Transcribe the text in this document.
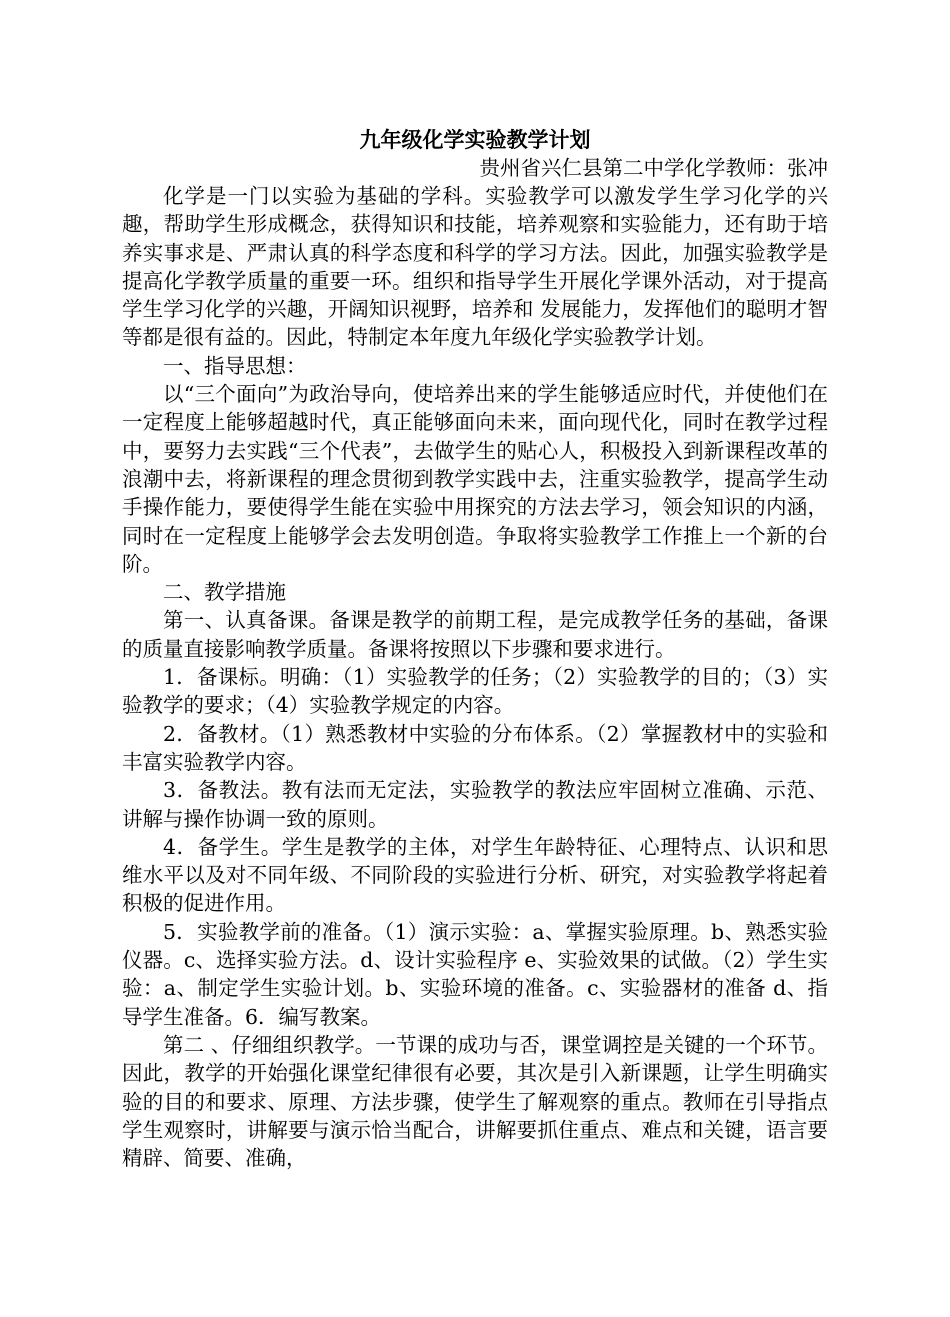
九年级化学实验教学计划

贵州省兴仁县第二中学化学教师：张冲

化学是一门以实验为基础的学科。实验教学可以激发学生学习化学的兴趣，帮助学生形成概念，获得知识和技能，培养观察和实验能力，还有助于培养实事求是、严肃认真的科学态度和科学的学习方法。因此，加强实验教学是提高化学教学质量的重要一环。组织和指导学生开展化学课外活动，对于提高学生学习化学的兴趣，开阔知识视野，培养和 发展能力，发挥他们的聪明才智等都是很有益的。因此，特制定本年度九年级化学实验教学计划。

一、指导思想：

以“三个面向”为政治导向，使培养出来的学生能够适应时代，并使他们在一定程度上能够超越时代，真正能够面向未来，面向现代化，同时在教学过程中，要努力去实践“三个代表”，去做学生的贴心人，积极投入到新课程改革的浪潮中去，将新课程的理念贯彻到教学实践中去，注重实验教学，提高学生动手操作能力，要使得学生能在实验中用探究的方法去学习，领会知识的内涵，同时在一定程度上能够学会去发明创造。争取将实验教学工作推上一个新的台阶。

二、教学措施

第一、认真备课。备课是教学的前期工程，是完成教学任务的基础，备课的质量直接影响教学质量。备课将按照以下步骤和要求进行。

1．备课标。明确：（1）实验教学的任务；（2）实验教学的目的；（3）实验教学的要求；（4）实验教学规定的内容。

2．备教材。（1）熟悉教材中实验的分布体系。（2）掌握教材中的实验和丰富实验教学内容。

3．备教法。教有法而无定法，实验教学的教法应牢固树立准确、示范、讲解与操作协调一致的原则。

4．备学生。学生是教学的主体，对学生年龄特征、心理特点、认识和思维水平以及对不同年级、不同阶段的实验进行分析、研究，对实验教学将起着积极的促进作用。

5．实验教学前的准备。（1）演示实验：a、掌握实验原理。b、熟悉实验仪器。c、选择实验方法。d、设计实验程序 e、实验效果的试做。（2）学生实验：a、制定学生实验计划。b、实验环境的准备。c、实验器材的准备 d、指导学生准备。6．编写教案。

第二 、仔细组织教学。一节课的成功与否，课堂调控是关键的一个环节。因此，教学的开始强化课堂纪律很有必要，其次是引入新课题，让学生明确实验的目的和要求、原理、方法步骤，使学生了解观察的重点。教师在引导指点学生观察时，讲解要与演示恰当配合，讲解要抓住重点、难点和关键，语言要精辟、简要、准确，
